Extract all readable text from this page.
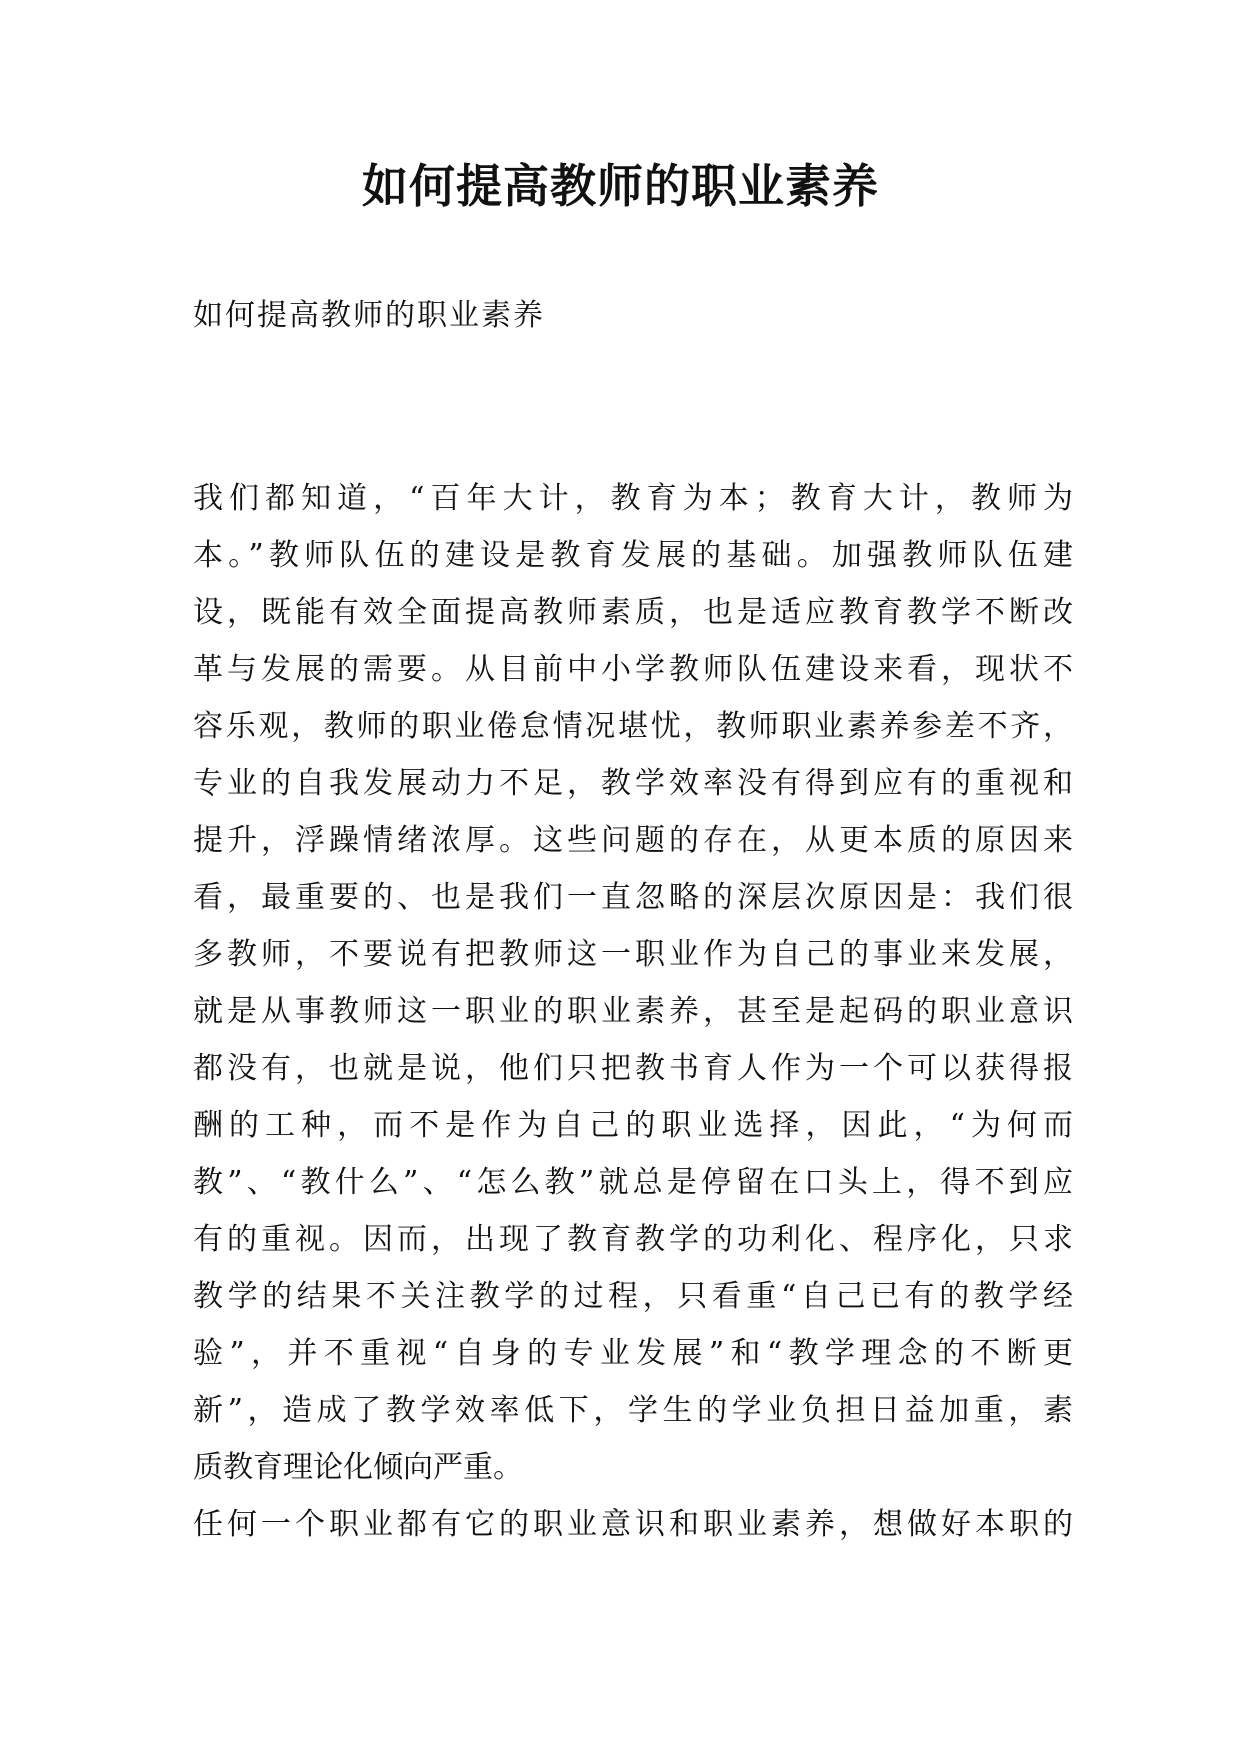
如何提高教师的职业素养

如何提高教师的职业素养

我们都知道，“百年大计，教育为本；教育大计，教师为
本。”教师队伍的建设是教育发展的基础。加强教师队伍建
设，既能有效全面提高教师素质，也是适应教育教学不断改
革与发展的需要。从目前中小学教师队伍建设来看，现状不
容乐观，教师的职业倦怠情况堪忧，教师职业素养参差不齐，
专业的自我发展动力不足，教学效率没有得到应有的重视和
提升，浮躁情绪浓厚。这些问题的存在，从更本质的原因来
看，最重要的、也是我们一直忽略的深层次原因是：我们很
多教师，不要说有把教师这一职业作为自己的事业来发展，
就是从事教师这一职业的职业素养，甚至是起码的职业意识
都没有，也就是说，他们只把教书育人作为一个可以获得报
酬的工种，而不是作为自己的职业选择，因此，“为何而
教”、“教什么”、“怎么教”就总是停留在口头上，得不到应
有的重视。因而，出现了教育教学的功利化、程序化，只求
教学的结果不关注教学的过程，只看重“自己已有的教学经
验”，并不重视“自身的专业发展”和“教学理念的不断更
新”，造成了教学效率低下，学生的学业负担日益加重，素
质教育理论化倾向严重。
任何一个职业都有它的职业意识和职业素养，想做好本职的
